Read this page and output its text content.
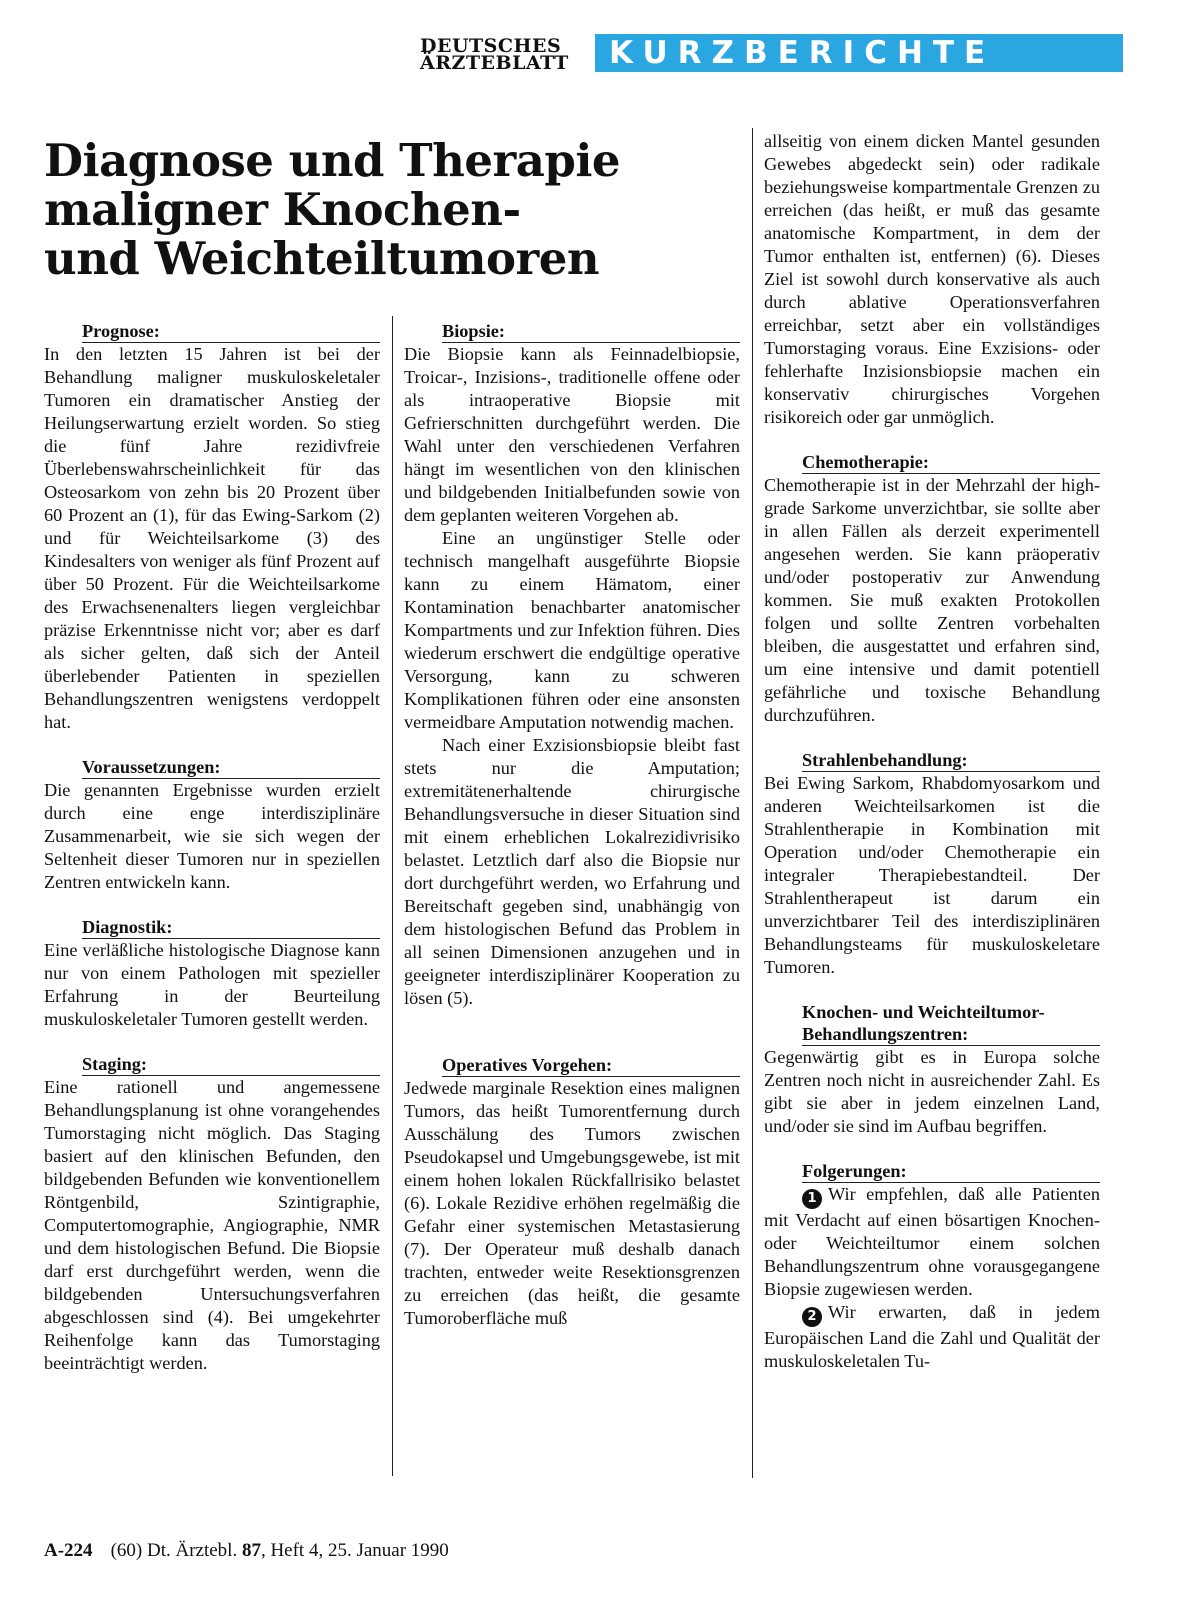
DEUTSCHES
ÄRZTEBLATT	KURZBERICHTE
Diagnose und Therapie
maligner Knochen-
und Weichteiltumoren
Prognose:

In den letzten 15 Jahren ist bei der Behandlung maligner muskuloskeletaler Tumoren ein dramatischer Anstieg der Heilungserwartung erzielt worden. So stieg die fünf Jahre rezidivfreie Überlebenswahrscheinlichkeit für das Osteosarkom von zehn bis 20 Prozent über 60 Prozent an (1), für das Ewing-Sarkom (2) und für Weichteilsarkome (3) des Kindesalters von weniger als fünf Prozent auf über 50 Prozent. Für die Weichteilsarkome des Erwachsenenalters liegen vergleichbar präzise Erkenntnisse nicht vor; aber es darf als sicher gelten, daß sich der Anteil überlebender Patienten in speziellen Behandlungszentren wenigstens verdoppelt hat.

Voraussetzungen:

Die genannten Ergebnisse wurden erzielt durch eine enge interdisziplinäre Zusammenarbeit, wie sie sich wegen der Seltenheit dieser Tumoren nur in speziellen Zentren entwickeln kann.

Diagnostik:

Eine verläßliche histologische Diagnose kann nur von einem Pathologen mit spezieller Erfahrung in der Beurteilung muskuloskeletaler Tumoren gestellt werden.

Staging:

Eine rationell und angemessene Behandlungsplanung ist ohne vorangehendes Tumorstaging nicht möglich. Das Staging basiert auf den klinischen Befunden, den bildgebenden Befunden wie konventionellem Röntgenbild, Szintigraphie, Computertomographie, Angiographie, NMR und dem histologischen Befund. Die Biopsie darf erst durchgeführt werden, wenn die bildgebenden Untersuchungsverfahren abgeschlossen sind (4). Bei umgekehrter Reihenfolge kann das Tumorstaging beeinträchtigt werden.

Biopsie:

Die Biopsie kann als Feinnadelbiopsie, Troicar-, Inzisions-, traditionelle offene oder als intraoperative Biopsie mit Gefrierschnitten durchgeführt werden. Die Wahl unter den verschiedenen Verfahren hängt im wesentlichen von den klinischen und bildgebenden Initialbefunden sowie von dem geplanten weiteren Vorgehen ab.

Eine an ungünstiger Stelle oder technisch mangelhaft ausgeführte Biopsie kann zu einem Hämatom, einer Kontamination benachbarter anatomischer Kompartments und zur Infektion führen. Dies wiederum erschwert die endgültige operative Versorgung, kann zu schweren Komplikationen führen oder eine ansonsten vermeidbare Amputation notwendig machen.

Nach einer Exzisionsbiopsie bleibt fast stets nur die Amputation; extremitätenerhaltende chirurgische Behandlungsversuche in dieser Situation sind mit einem erheblichen Lokalrezidivrisiko belastet. Letztlich darf also die Biopsie nur dort durchgeführt werden, wo Erfahrung und Bereitschaft gegeben sind, unabhängig von dem histologischen Befund das Problem in all seinen Dimensionen anzugehen und in geeigneter interdisziplinärer Kooperation zu lösen (5).

Operatives Vorgehen:

Jedwede marginale Resektion eines malignen Tumors, das heißt Tumorentfernung durch Ausschälung des Tumors zwischen Pseudokapsel und Umgebungsgewebe, ist mit einem hohen lokalen Rückfallrisiko belastet (6). Lokale Rezidive erhöhen regelmäßig die Gefahr einer systemischen Metastasierung (7). Der Operateur muß deshalb danach trachten, entweder weite Resektionsgrenzen zu erreichen (das heißt, die gesamte Tumoroberfläche muß

allseitig von einem dicken Mantel gesunden Gewebes abgedeckt sein) oder radikale beziehungsweise kompartmentale Grenzen zu erreichen (das heißt, er muß das gesamte anatomische Kompartment, in dem der Tumor enthalten ist, entfernen) (6). Dieses Ziel ist sowohl durch konservative als auch durch ablative Operationsverfahren erreichbar, setzt aber ein vollständiges Tumorstaging voraus. Eine Exzisions- oder fehlerhafte Inzisionsbiopsie machen ein konservativ chirurgisches Vorgehen risikoreich oder gar unmöglich.

Chemotherapie:

Chemotherapie ist in der Mehrzahl der high-grade Sarkome unverzichtbar, sie sollte aber in allen Fällen als derzeit experimentell angesehen werden. Sie kann präoperativ und/oder postoperativ zur Anwendung kommen. Sie muß exakten Protokollen folgen und sollte Zentren vorbehalten bleiben, die ausgestattet und erfahren sind, um eine intensive und damit potentiell gefährliche und toxische Behandlung durchzuführen.

Strahlenbehandlung:

Bei Ewing Sarkom, Rhabdomyosarkom und anderen Weichteilsarkomen ist die Strahlentherapie in Kombination mit Operation und/oder Chemotherapie ein integraler Therapiebestandteil. Der Strahlentherapeut ist darum ein unverzichtbarer Teil des interdisziplinären Behandlungsteams für muskuloskeletare Tumoren.

Knochen- und Weichteiltumor-
Behandlungszentren:

Gegenwärtig gibt es in Europa solche Zentren noch nicht in ausreichender Zahl. Es gibt sie aber in jedem einzelnen Land, und/oder sie sind im Aufbau begriffen.

Folgerungen:

1 Wir empfehlen, daß alle Patienten mit Verdacht auf einen bösartigen Knochen- oder Weichteiltumor einem solchen Behandlungszentrum ohne vorausgegangene Biopsie zugewiesen werden.

2 Wir erwarten, daß in jedem Europäischen Land die Zahl und Qualität der muskuloskeletalen Tu-

A-224 (60) Dt. Ärztebl. 87, Heft 4, 25. Januar 1990
